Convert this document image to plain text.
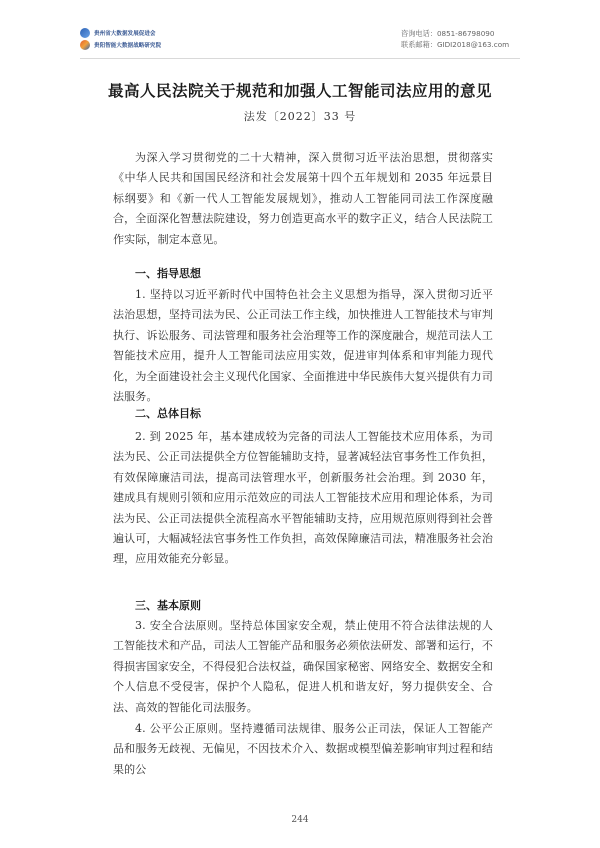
贵州省大数据发展促进会
贵阳智能大数据战略研究院
咨询电话：0851-86798090
联系邮箱：GIDI2018@163.com
最高人民法院关于规范和加强人工智能司法应用的意见
法发〔2022〕33 号
为深入学习贯彻党的二十大精神，深入贯彻习近平法治思想，贯彻落实《中华人民共和国国民经济和社会发展第十四个五年规划和 2035 年远景目标纲要》和《新一代人工智能发展规划》，推动人工智能同司法工作深度融合，全面深化智慧法院建设，努力创造更高水平的数字正义，结合人民法院工作实际，制定本意见。
一、指导思想
1. 坚持以习近平新时代中国特色社会主义思想为指导，深入贯彻习近平法治思想，坚持司法为民、公正司法工作主线，加快推进人工智能技术与审判执行、诉讼服务、司法管理和服务社会治理等工作的深度融合，规范司法人工智能技术应用，提升人工智能司法应用实效，促进审判体系和审判能力现代化，为全面建设社会主义现代化国家、全面推进中华民族伟大复兴提供有力司法服务。
二、总体目标
2. 到 2025 年，基本建成较为完备的司法人工智能技术应用体系，为司法为民、公正司法提供全方位智能辅助支持，显著减轻法官事务性工作负担，有效保障廉洁司法，提高司法管理水平，创新服务社会治理。到 2030 年，建成具有规则引领和应用示范效应的司法人工智能技术应用和理论体系，为司法为民、公正司法提供全流程高水平智能辅助支持，应用规范原则得到社会普遍认可，大幅减轻法官事务性工作负担，高效保障廉洁司法，精准服务社会治理，应用效能充分彰显。
三、基本原则
3. 安全合法原则。坚持总体国家安全观，禁止使用不符合法律法规的人工智能技术和产品，司法人工智能产品和服务必须依法研发、部署和运行，不得损害国家安全，不得侵犯合法权益，确保国家秘密、网络安全、数据安全和个人信息不受侵害，保护个人隐私，促进人机和谐友好，努力提供安全、合法、高效的智能化司法服务。
4. 公平公正原则。坚持遵循司法规律、服务公正司法，保证人工智能产品和服务无歧视、无偏见，不因技术介入、数据或模型偏差影响审判过程和结果的公
244
